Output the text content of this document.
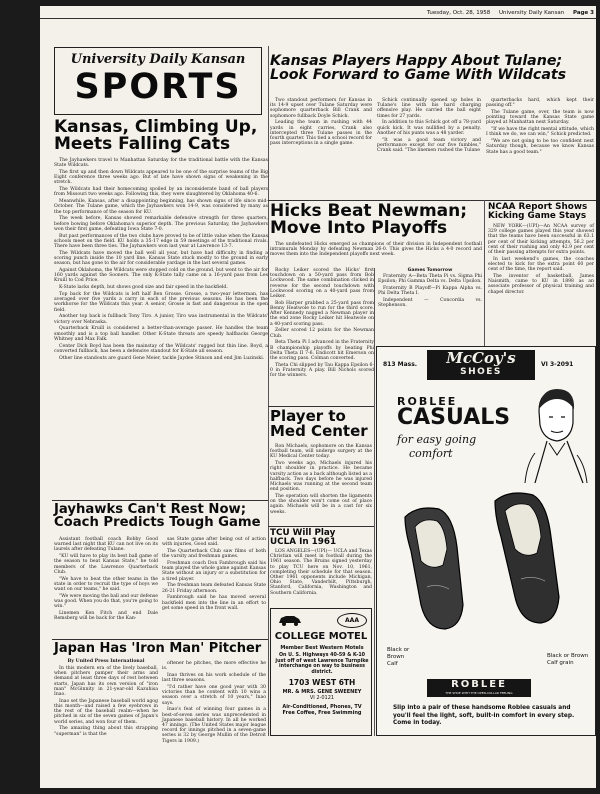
Tuesday, Oct. 28, 1958 University Daily Kansan Page 3
University Daily Kansan
SPORTS
Kansas, Climbing Up,
Meets Falling Cats

The Jayhawkers travel to Manhattan Saturday for the traditional battle with the Kansas State Wildcats.

The first up and then down Wildcats appeared to be one of the surprise teams of the Big Eight conference three weeks ago. But of late have shown signs of weakening in the stretch.

The Wildcats had their homecoming spoiled by an inconsiderate band of ball players from Missouri two weeks ago. Following this, they were slaughtered by Oklahoma 40-6.

Meanwhile, Kansas, after a disappointing beginning, has shown signs of life since mid-October. The Tulane game, which the Jayhawkers won 14-9, was considered by many as the top performance of the season for KU.

The week before, Kansas showed remarkable defensive strength for three quarters, before bowing before Oklahoma's superior depth. The previous Saturday, the Jayhawkers won their first game, defeating Iowa State 7-0.

But past performances of the two clubs have proved to be of little value when the Kansas schools meet on the field. KU holds a 35-17 edge in 59 meetings of the traditional rivals. There have been three ties. The Jayhawkers won last year at Lawrence 13-7.

The Wildcats have moved the ball well all year, but have had difficulty in finding a scoring punch inside the 10 yard line. Kansas State stuck mostly to the ground in early season, but has gone to the air for considerable yardage in the last several games.

Against Oklahoma, the Wildcats were stopped cold on the ground, but went to the air for 160 yards against the Sooners. The only K-State tally came on a 16-yard pass from Les Kruill to Cod Price.

K-State lacks depth, but shows good size and fair speed in the backfield.

Top back for the Wildcats is left half Ben Grosse. Grosse, a two-year letterman, has averaged over five yards a carry in each of the previous seasons. He has been the workhorse for the Wildcats this year. A senior, Grosse is fast and dangerous in the open field.

Another top back is fullback Tony Tiro. A junior, Tiro was instrumental in the Wildcats' victory over Nebraska.

Quarterback Kruill is considered a better-than-average passer. He handles the team smoothly and is a top ball handler. Other K-State threats are speedy halfbacks George Whitney and Max Falk.

Center Dick Boyd has been the mainstay of the Wildcats' rugged but thin line. Boyd, a converted fullback, has been a defensive standout for K-State all season.

Other line standouts are guard Gene Meier, tackle Jaydee Stinson and end Jim Luzinski.

Kansas Players Happy About Tulane;
Look Forward to Game With Wildcats

Two standout performers for Kansas in its 14-9 upset over Tulane Saturday were sophomore quarterback Bill Crank and sophomore fullback Doyle Schick.

Leading the team in rushing with 44 yards in eight carries, Crank also intercepted three Tulane passes in the fourth quarter. This tied a school record for pass interceptions in a single game.

Schick continually opened up holes in Tulane's line with his hard charging offensive play. He carried the ball eight times for 27 yards.

In addition to this Schick got off a 78-yard quick kick. It was nullified by a penalty. Another of his punts was a 48 yarder.

"It was a good team victory and performance except for our five fumbles," Crank said. "The linemen rushed the Tulane

quarterbacks hard, which kept their passing off."

The Tulane game, over, the team is now pointing toward the Kansas State game played at Manhattan next Saturday.

"If we have the right mental attitude, which I think we do, we can win," Schick predicted.

"We are not going to be too confident next Saturday though, because we know Kansas State has a good team."

Hicks Beat Newman;
Move Into Playoffs

The undefeated Hicks emerged as champions of their division in Independent football intramurals Monday by defeating Newman 26-0. This gives the Hicks a 4-0 record and moves them into the Independent playoffs next week.

Rocky Leiker scored the Hicks' first touchdown on a 50-yard pass from Bob Lockwood. The same combination clicked in reverse for the second touchdown with Lockwood scoring on a 40-yard pass from Leiker.

Bob Harper grabbed a 25-yard pass from Benny Heatwole to run for the third score. After Kennedy nagged a Newman player in the end zone Rocky Leiker hit Heatwole on a 40-yard scoring pass.

Zeller scored 12 points for the Newman Club.

Beta Theta Pi I advanced in the Fraternity B championship playoffs by beating Phi Delta Theta II 7-6. Endicott hit Emerson on the scoring pass. Colman converted.

Theta Chi slipped by Tau Kappa Epsilon 6-0 in Fraternity A play. Bill Nichols scored for the winners.

Games Tomorrow

Fraternity A—Beta Theta Pi vs. Sigma Phi Epsilon; Phi Gamma Delta vs. Delta Upsilon.

Fraternity B Playoff—Pi Kappa Alpha vs. Phi Delta Theta I.

Independent — Concordia vs. Stephenson.

NCAA Report Shows
Kicking Game Stays

NEW YORK—(UPI)—An NCAA survey of 329 college games played this year showed that the teams have been successful in 63.1 per cent of their kicking attempts, 56.2 per cent of their rushing and only 42.9 per cent of their passing attempts for extra points.

In last weekend's games, the coaches elected to kick for the extra point 60 per cent of the time, the report said.

The inventor of basketball, James Naismith, came to KU in 1898 as an associate professor of physical training and chapel director.

813 Mass.	McCoy's
SHOES
VI 3-2091
ROBLEE
CASUALS
for easy going
comfort
Black or Brown Calf
Black or Brown Calf grain
ROBLEE
THE SHOE WITH THE OPEN-COLLAR FEELING
Slip into a pair of these handsome Roblee casuals and you'll feel the light, soft, built-in comfort in every step. Come in today.
Player to
Med Center

Ron Michaels, sophomore on the Kansas football team, will undergo surgery at the KU Medical Center today.

Two weeks ago, Michaels injured his right shoulder in practice. He became varsity action as a back although listed as a halfback. Two days before he was injured Michaels was running at the second team end position.

The operation will shorten the ligaments on the shoulder won't come out of place again. Michaels will be in a cast for six weeks.

TCU Will Play
UCLA In 1961

LOS ANGELES—(UPI)— UCLA and Texas Christian will meet in football during the 1961 season. The Bruins signed yesterday to play TCU here on Nov. 10, 1961, completing their schedule for that season. Other 1961 opponents include Michigan, Ohio State, Vanderbilt, Pittsburgh, Stanford, California, Washington and Southern California.

AAA
COLLEGE MOTEL
Member Best Western Motels
On U. S. Highways 40-59 & K-10 just off of west Lawrence Turnpike interchange on way to business district.
1703 WEST 6TH
MR. & MRS. GENE SWEENEY
VI 2-0121
Air-Conditioned, Phones, TV
Free Coffee, Free Swimming
Jayhawks Can't Rest Now;
Coach Predicts Tough Game

Assistant football coach Bobby Good warned last night that KU can not live on its laurels after defeating Tulane.

"KU will have to play its best ball game of the season to beat Kansas State," he told members of the Lawrence Quarterback Club.

"We have to beat the other teams in the state in order to recruit the type of boys we want on our teams," he said.

"We were moving the ball and our defense was good. When you do that, you're going to win."

Linemen Ken Fitch and end Dale Remsberg will be back for the Kan-

sas State game after being out of action with injuries, Good said.

The Quarterback Club saw films of both the varsity and freshman games.

Freshman coach Don Fambrough said his team played the whole game against Kansas State without an injury or a substitution for a tired player.

The freshman team defeated Kansas State 26-21 Friday afternoon.

Fambrough said he has moved several backfield men into the line in an effort to get some speed in the front wall.

Japan Has 'Iron Man' Pitcher
By United Press International

In this modern era of the lively baseball, when pitchers pamper their arms and demand at least three days of rest between starts, Japan has its own version of "iron man" McGinnity in 21-year-old Kazuhisa Inao.

Inao set the Japanese baseball world agog this month—and raised a few eyebrows in the rest of the baseball realm—when he pitched in six of the seven games of Japan's world series, and won four of them.

The amazing thing about this strapping "superman" is that the

oftener he pitches, the more effective he is.

Inao thrives on his work schedule of the last three seasons.

"I'd rather have one good year with 30 victories than be content with 10 wins a season over a stretch of 10 years," Inao says.

Inao's feat of winning four games in a best-of-seven series was unprecedented in Japanese baseball history. In all he worked 47 innings. (The United States major league record for innings pitched in a seven-game series is 32 by George Mullin of the Detroit Tigers in 1909.)
